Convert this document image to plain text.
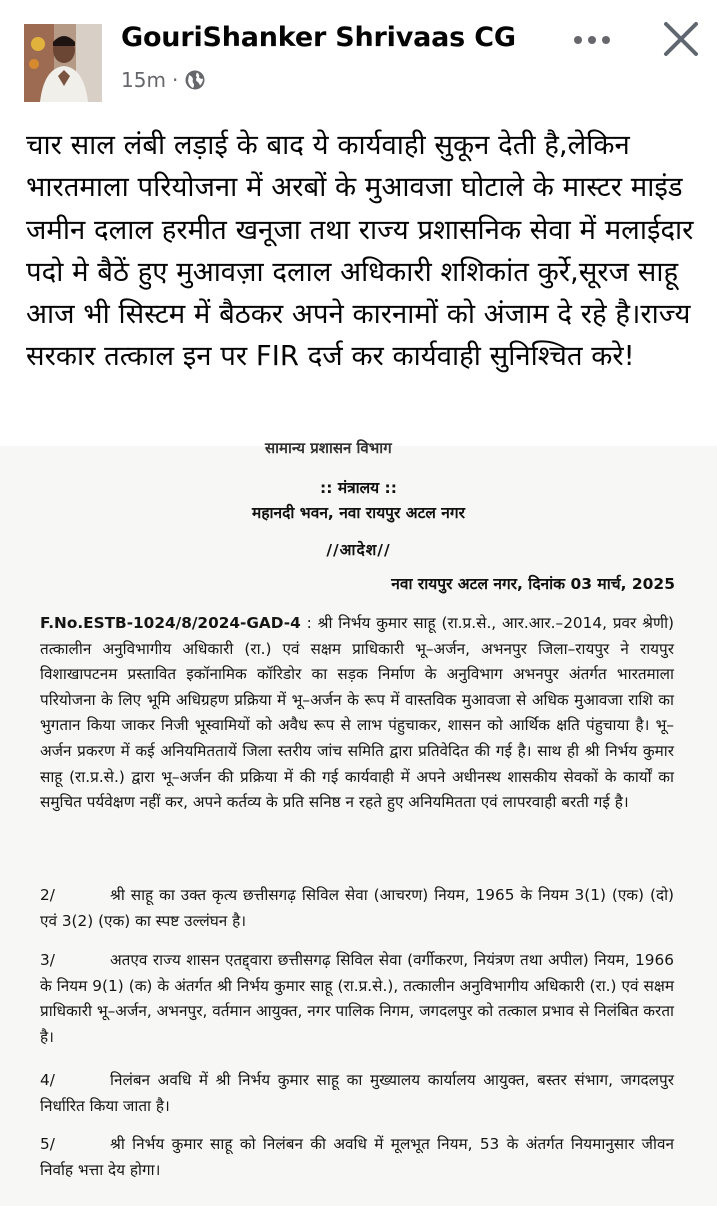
GouriShanker Shrivaas CG
15m ·
चार साल लंबी लड़ाई के बाद ये कार्यवाही सुकून देती है,लेकिन भारतमाला परियोजना में अरबों के मुआवजा घोटाले के मास्टर माइंड जमीन दलाल हरमीत खनूजा तथा राज्य प्रशासनिक सेवा में मलाईदार पदो मे बैठें हुए मुआवज़ा दलाल अधिकारी शशिकांत कुर्रे,सूरज साहू आज भी सिस्टम में बैठकर अपने कारनामों को अंजाम दे रहे है।राज्य सरकार तत्काल इन पर FIR दर्ज कर कार्यवाही सुनिश्चित करे!
सामान्य प्रशासन विभाग
:: मंत्रालय ::
महानदी भवन, नवा रायपुर अटल नगर
//आदेश//
नवा रायपुर अटल नगर, दिनांक 03 मार्च, 2025
F.No.ESTB-1024/8/2024-GAD-4 : श्री निर्भय कुमार साहू (रा.प्र.से., आर.आर.–2014, प्रवर श्रेणी) तत्कालीन अनुविभागीय अधिकारी (रा.) एवं सक्षम प्राधिकारी भू–अर्जन, अभनपुर जिला–रायपुर ने रायपुर विशाखापटनम प्रस्तावित इकॉनामिक कॉरिडोर का सड़क निर्माण के अनुविभाग अभनपुर अंतर्गत भारतमाला परियोजना के लिए भूमि अधिग्रहण प्रक्रिया में भू–अर्जन के रूप में वास्तविक मुआवजा से अधिक मुआवजा राशि का भुगतान किया जाकर निजी भूस्वामियों को अवैध रूप से लाभ पंहुचाकर, शासन को आर्थिक क्षति पंहुचाया है। भू–अर्जन प्रकरण में कई अनियमिततायें जिला स्तरीय जांच समिति द्वारा प्रतिवेदित की गई है। साथ ही श्री निर्भय कुमार साहू (रा.प्र.से.) द्वारा भू–अर्जन की प्रक्रिया में की गई कार्यवाही में अपने अधीनस्थ शासकीय सेवकों के कार्यों का समुचित पर्यवेक्षण नहीं कर, अपने कर्तव्य के प्रति सनिष्ठ न रहते हुए अनियमितता एवं लापरवाही बरती गई है।
2/	श्री साहू का उक्त कृत्य छत्तीसगढ़ सिविल सेवा (आचरण) नियम, 1965 के नियम 3(1) (एक) (दो) एवं 3(2) (एक) का स्पष्ट उल्लंघन है।
3/	अतएव राज्य शासन एतद्द्वारा छत्तीसगढ़ सिविल सेवा (वर्गीकरण, नियंत्रण तथा अपील) नियम, 1966 के नियम 9(1) (क) के अंतर्गत श्री निर्भय कुमार साहू (रा.प्र.से.), तत्कालीन अनुविभागीय अधिकारी (रा.) एवं सक्षम प्राधिकारी भू–अर्जन, अभनपुर, वर्तमान आयुक्त, नगर पालिक निगम, जगदलपुर को तत्काल प्रभाव से निलंबित करता है।
4/	निलंबन अवधि में श्री निर्भय कुमार साहू का मुख्यालय कार्यालय आयुक्त, बस्तर संभाग, जगदलपुर निर्धारित किया जाता है।
5/	श्री निर्भय कुमार साहू को निलंबन की अवधि में मूलभूत नियम, 53 के अंतर्गत नियमानुसार जीवन निर्वाह भत्ता देय होगा।
